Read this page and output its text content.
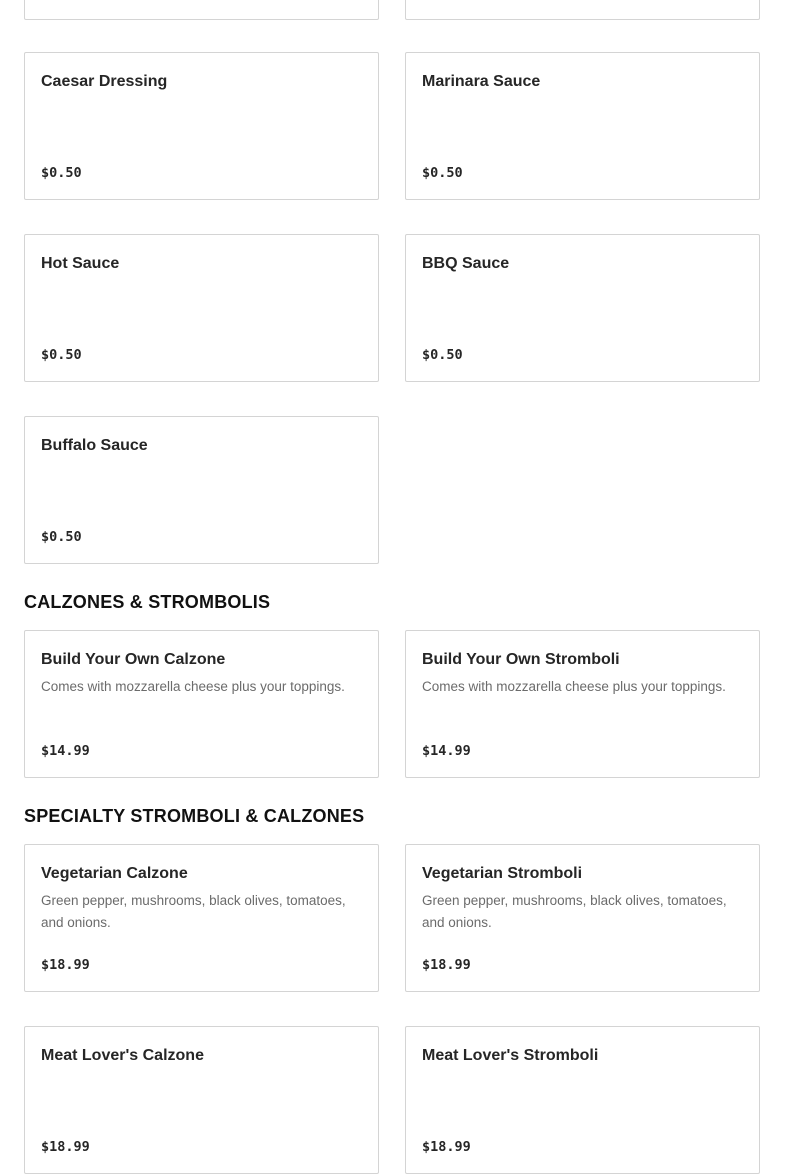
Caesar Dressing
$0.50
Marinara Sauce
$0.50
Hot Sauce
$0.50
BBQ Sauce
$0.50
Buffalo Sauce
$0.50
CALZONES & STROMBOLIS
Build Your Own Calzone
Comes with mozzarella cheese plus your toppings.
$14.99
Build Your Own Stromboli
Comes with mozzarella cheese plus your toppings.
$14.99
SPECIALTY STROMBOLI & CALZONES
Vegetarian Calzone
Green pepper, mushrooms, black olives, tomatoes, and onions.
$18.99
Vegetarian Stromboli
Green pepper, mushrooms, black olives, tomatoes, and onions.
$18.99
Meat Lover's Calzone
$18.99
Meat Lover's Stromboli
$18.99
